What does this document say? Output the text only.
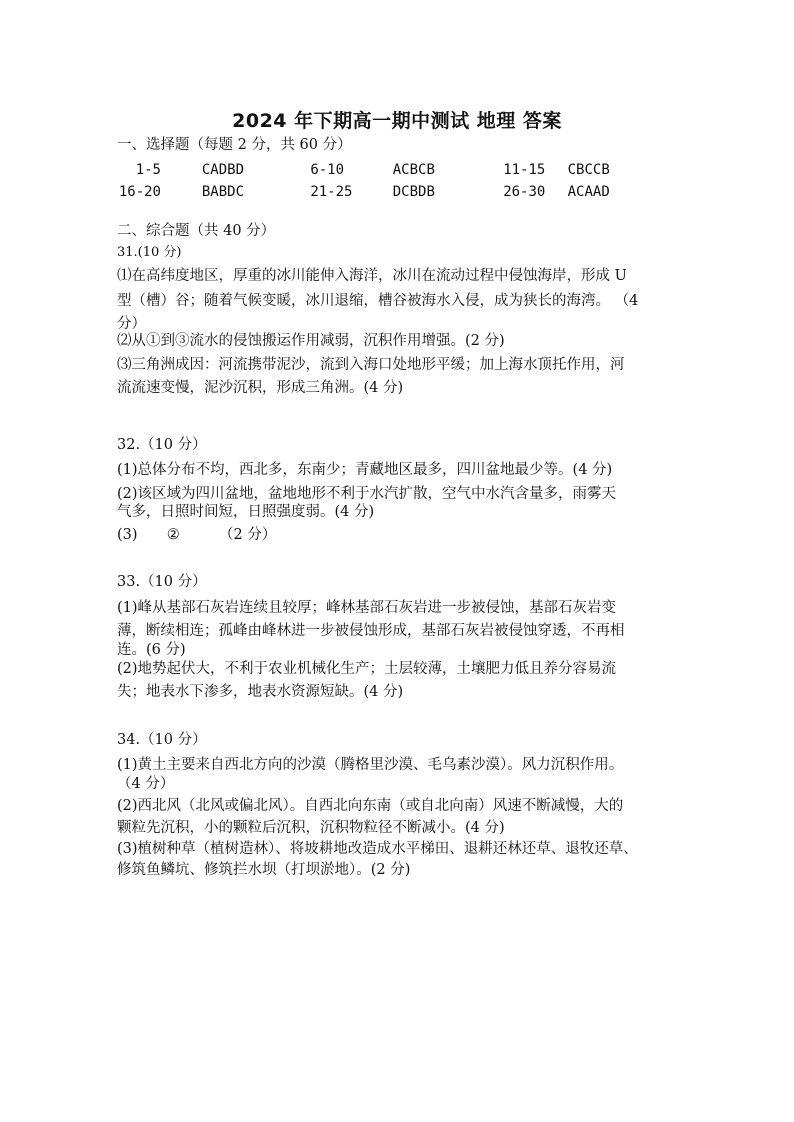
2024 年下期高一期中测试 地理 答案
一、选择题（每题 2 分，共 60 分）
1-5	CADBD	6-10	ACBCB	11-15 CBCCB
16-20	BABDC	21-25	DCBDB	26-30 ACAAD
二、综合题（共 40 分）
31.(10 分)
⑴在高纬度地区，厚重的冰川能伸入海洋，冰川在流动过程中侵蚀海岸，形成 U
型（槽）谷；随着气候变暖，冰川退缩，槽谷被海水入侵，成为狭长的海湾。 （4
分）
⑵从①到③流水的侵蚀搬运作用减弱，沉积作用增强。(2 分)
⑶三角洲成因：河流携带泥沙，流到入海口处地形平缓；加上海水顶托作用，河
流流速变慢，泥沙沉积，形成三角洲。(4 分)
32.（10 分）
(1)总体分布不均，西北多，东南少；青藏地区最多，四川盆地最少等。(4 分)
(2)该区域为四川盆地，盆地地形不利于水汽扩散，空气中水汽含量多，雨雾天
气多，日照时间短，日照强度弱。(4 分)
(3) ②	（2 分）
33.（10 分）
(1)峰从基部石灰岩连续且较厚；峰林基部石灰岩进一步被侵蚀，基部石灰岩变
薄，断续相连；孤峰由峰林进一步被侵蚀形成，基部石灰岩被侵蚀穿透，不再相
连。(6 分)
(2)地势起伏大，不利于农业机械化生产；土层较薄，土壤肥力低且养分容易流
失；地表水下渗多，地表水资源短缺。(4 分)
34.（10 分）
(1)黄土主要来自西北方向的沙漠（腾格里沙漠、毛乌素沙漠）。风力沉积作用。
（4 分）
(2)西北风（北风或偏北风）。自西北向东南（或自北向南）风速不断减慢，大的
颗粒先沉积，小的颗粒后沉积，沉积物粒径不断减小。(4 分)
(3)植树种草（植树造林）、将坡耕地改造成水平梯田、退耕还林还草、退牧还草、
修筑鱼鳞坑、修筑拦水坝（打坝淤地）。(2 分)
